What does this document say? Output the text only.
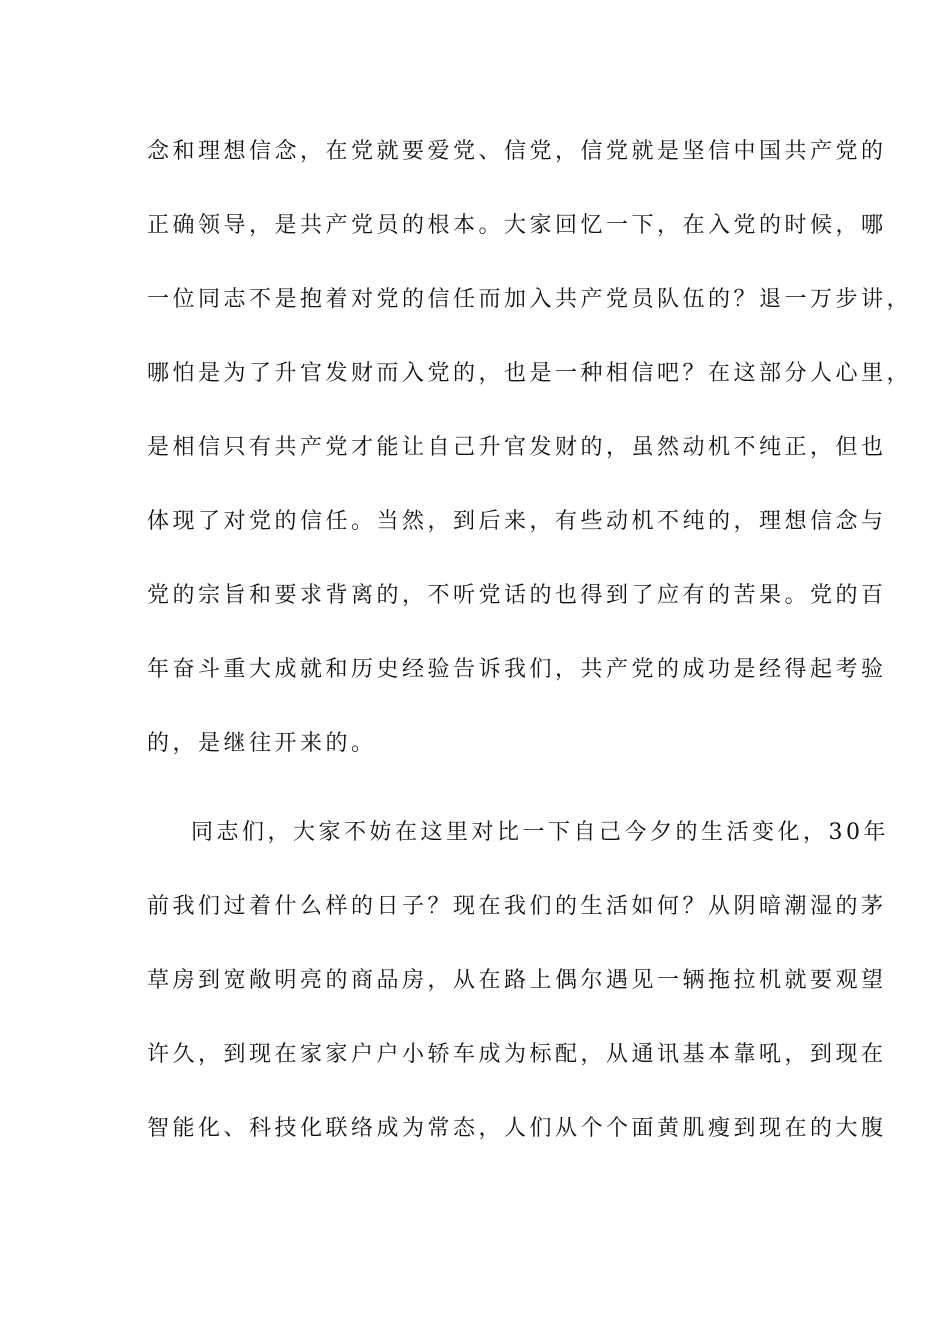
念和理想信念，在党就要爱党、信党，信党就是坚信中国共产党的
正确领导，是共产党员的根本。大家回忆一下，在入党的时候，哪
一位同志不是抱着对党的信任而加入共产党员队伍的？退一万步讲，
哪怕是为了升官发财而入党的，也是一种相信吧？在这部分人心里，
是相信只有共产党才能让自己升官发财的，虽然动机不纯正，但也
体现了对党的信任。当然，到后来，有些动机不纯的，理想信念与
党的宗旨和要求背离的，不听党话的也得到了应有的苦果。党的百
年奋斗重大成就和历史经验告诉我们，共产党的成功是经得起考验
的，是继往开来的。
同志们，大家不妨在这里对比一下自己今夕的生活变化，30年
前我们过着什么样的日子？现在我们的生活如何？从阴暗潮湿的茅
草房到宽敞明亮的商品房，从在路上偶尔遇见一辆拖拉机就要观望
许久，到现在家家户户小轿车成为标配，从通讯基本靠吼，到现在
智能化、科技化联络成为常态，人们从个个面黄肌瘦到现在的大腹
